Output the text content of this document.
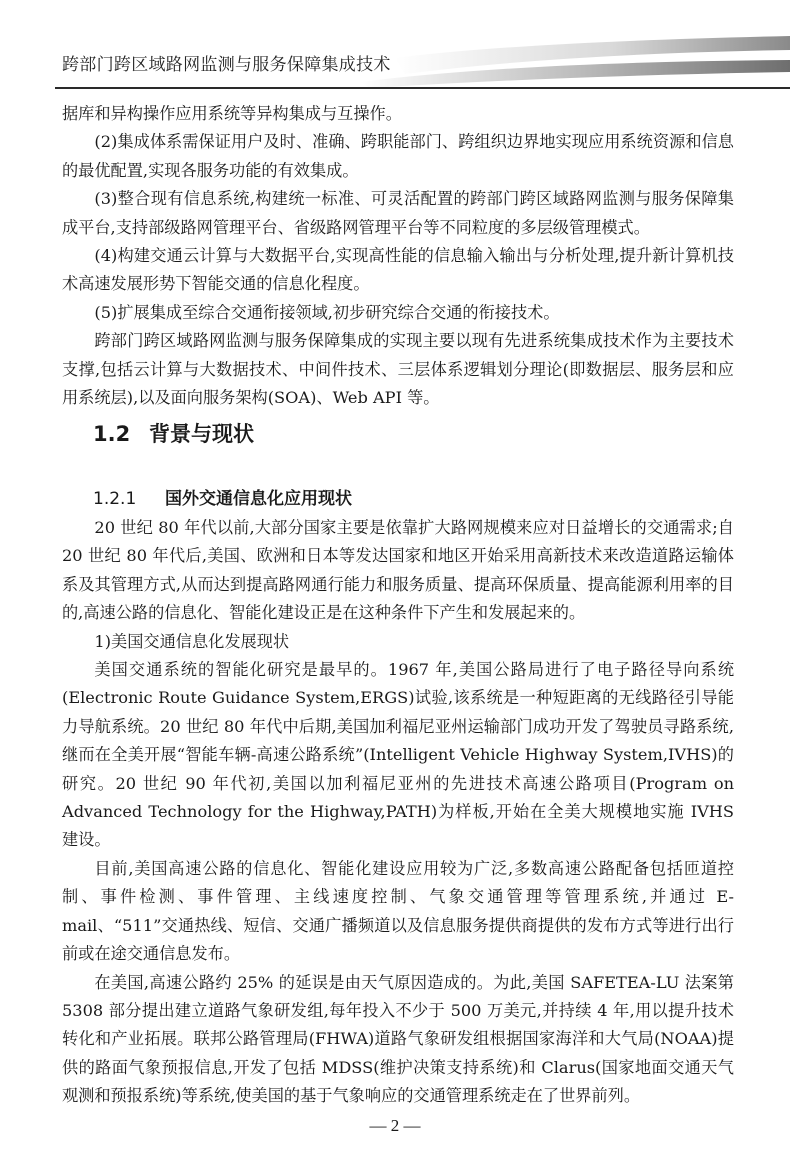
跨部门跨区域路网监测与服务保障集成技术

据库和异构操作应用系统等异构集成与互操作。

(2)集成体系需保证用户及时、准确、跨职能部门、跨组织边界地实现应用系统资源和信息的最优配置,实现各服务功能的有效集成。

(3)整合现有信息系统,构建统一标准、可灵活配置的跨部门跨区域路网监测与服务保障集成平台,支持部级路网管理平台、省级路网管理平台等不同粒度的多层级管理模式。

(4)构建交通云计算与大数据平台,实现高性能的信息输入输出与分析处理,提升新计算机技术高速发展形势下智能交通的信息化程度。

(5)扩展集成至综合交通衔接领域,初步研究综合交通的衔接技术。

跨部门跨区域路网监测与服务保障集成的实现主要以现有先进系统集成技术作为主要技术支撑,包括云计算与大数据技术、中间件技术、三层体系逻辑划分理论(即数据层、服务层和应用系统层),以及面向服务架构(SOA)、Web API 等。

1.2 背景与现状
1.2.1 国外交通信息化应用现状

20 世纪 80 年代以前,大部分国家主要是依靠扩大路网规模来应对日益增长的交通需求;自 20 世纪 80 年代后,美国、欧洲和日本等发达国家和地区开始采用高新技术来改造道路运输体系及其管理方式,从而达到提高路网通行能力和服务质量、提高环保质量、提高能源利用率的目的,高速公路的信息化、智能化建设正是在这种条件下产生和发展起来的。

1)美国交通信息化发展现状

美国交通系统的智能化研究是最早的。1967 年,美国公路局进行了电子路径导向系统(Electronic Route Guidance System,ERGS)试验,该系统是一种短距离的无线路径引导能力导航系统。20 世纪 80 年代中后期,美国加利福尼亚州运输部门成功开发了驾驶员寻路系统,继而在全美开展“智能车辆-高速公路系统”(Intelligent Vehicle Highway System,IVHS)的研究。20 世纪 90 年代初,美国以加利福尼亚州的先进技术高速公路项目(Program on Advanced Technology for the Highway,PATH)为样板,开始在全美大规模地实施 IVHS 建设。

目前,美国高速公路的信息化、智能化建设应用较为广泛,多数高速公路配备包括匝道控制、事件检测、事件管理、主线速度控制、气象交通管理等管理系统,并通过 E-mail、“511”交通热线、短信、交通广播频道以及信息服务提供商提供的发布方式等进行出行前或在途交通信息发布。

在美国,高速公路约 25% 的延误是由天气原因造成的。为此,美国 SAFETEA-LU 法案第 5308 部分提出建立道路气象研发组,每年投入不少于 500 万美元,并持续 4 年,用以提升技术转化和产业拓展。联邦公路管理局(FHWA)道路气象研发组根据国家海洋和大气局(NOAA)提供的路面气象预报信息,开发了包括 MDSS(维护决策支持系统)和 Clarus(国家地面交通天气观测和预报系统)等系统,使美国的基于气象响应的交通管理系统走在了世界前列。

— 2 —
